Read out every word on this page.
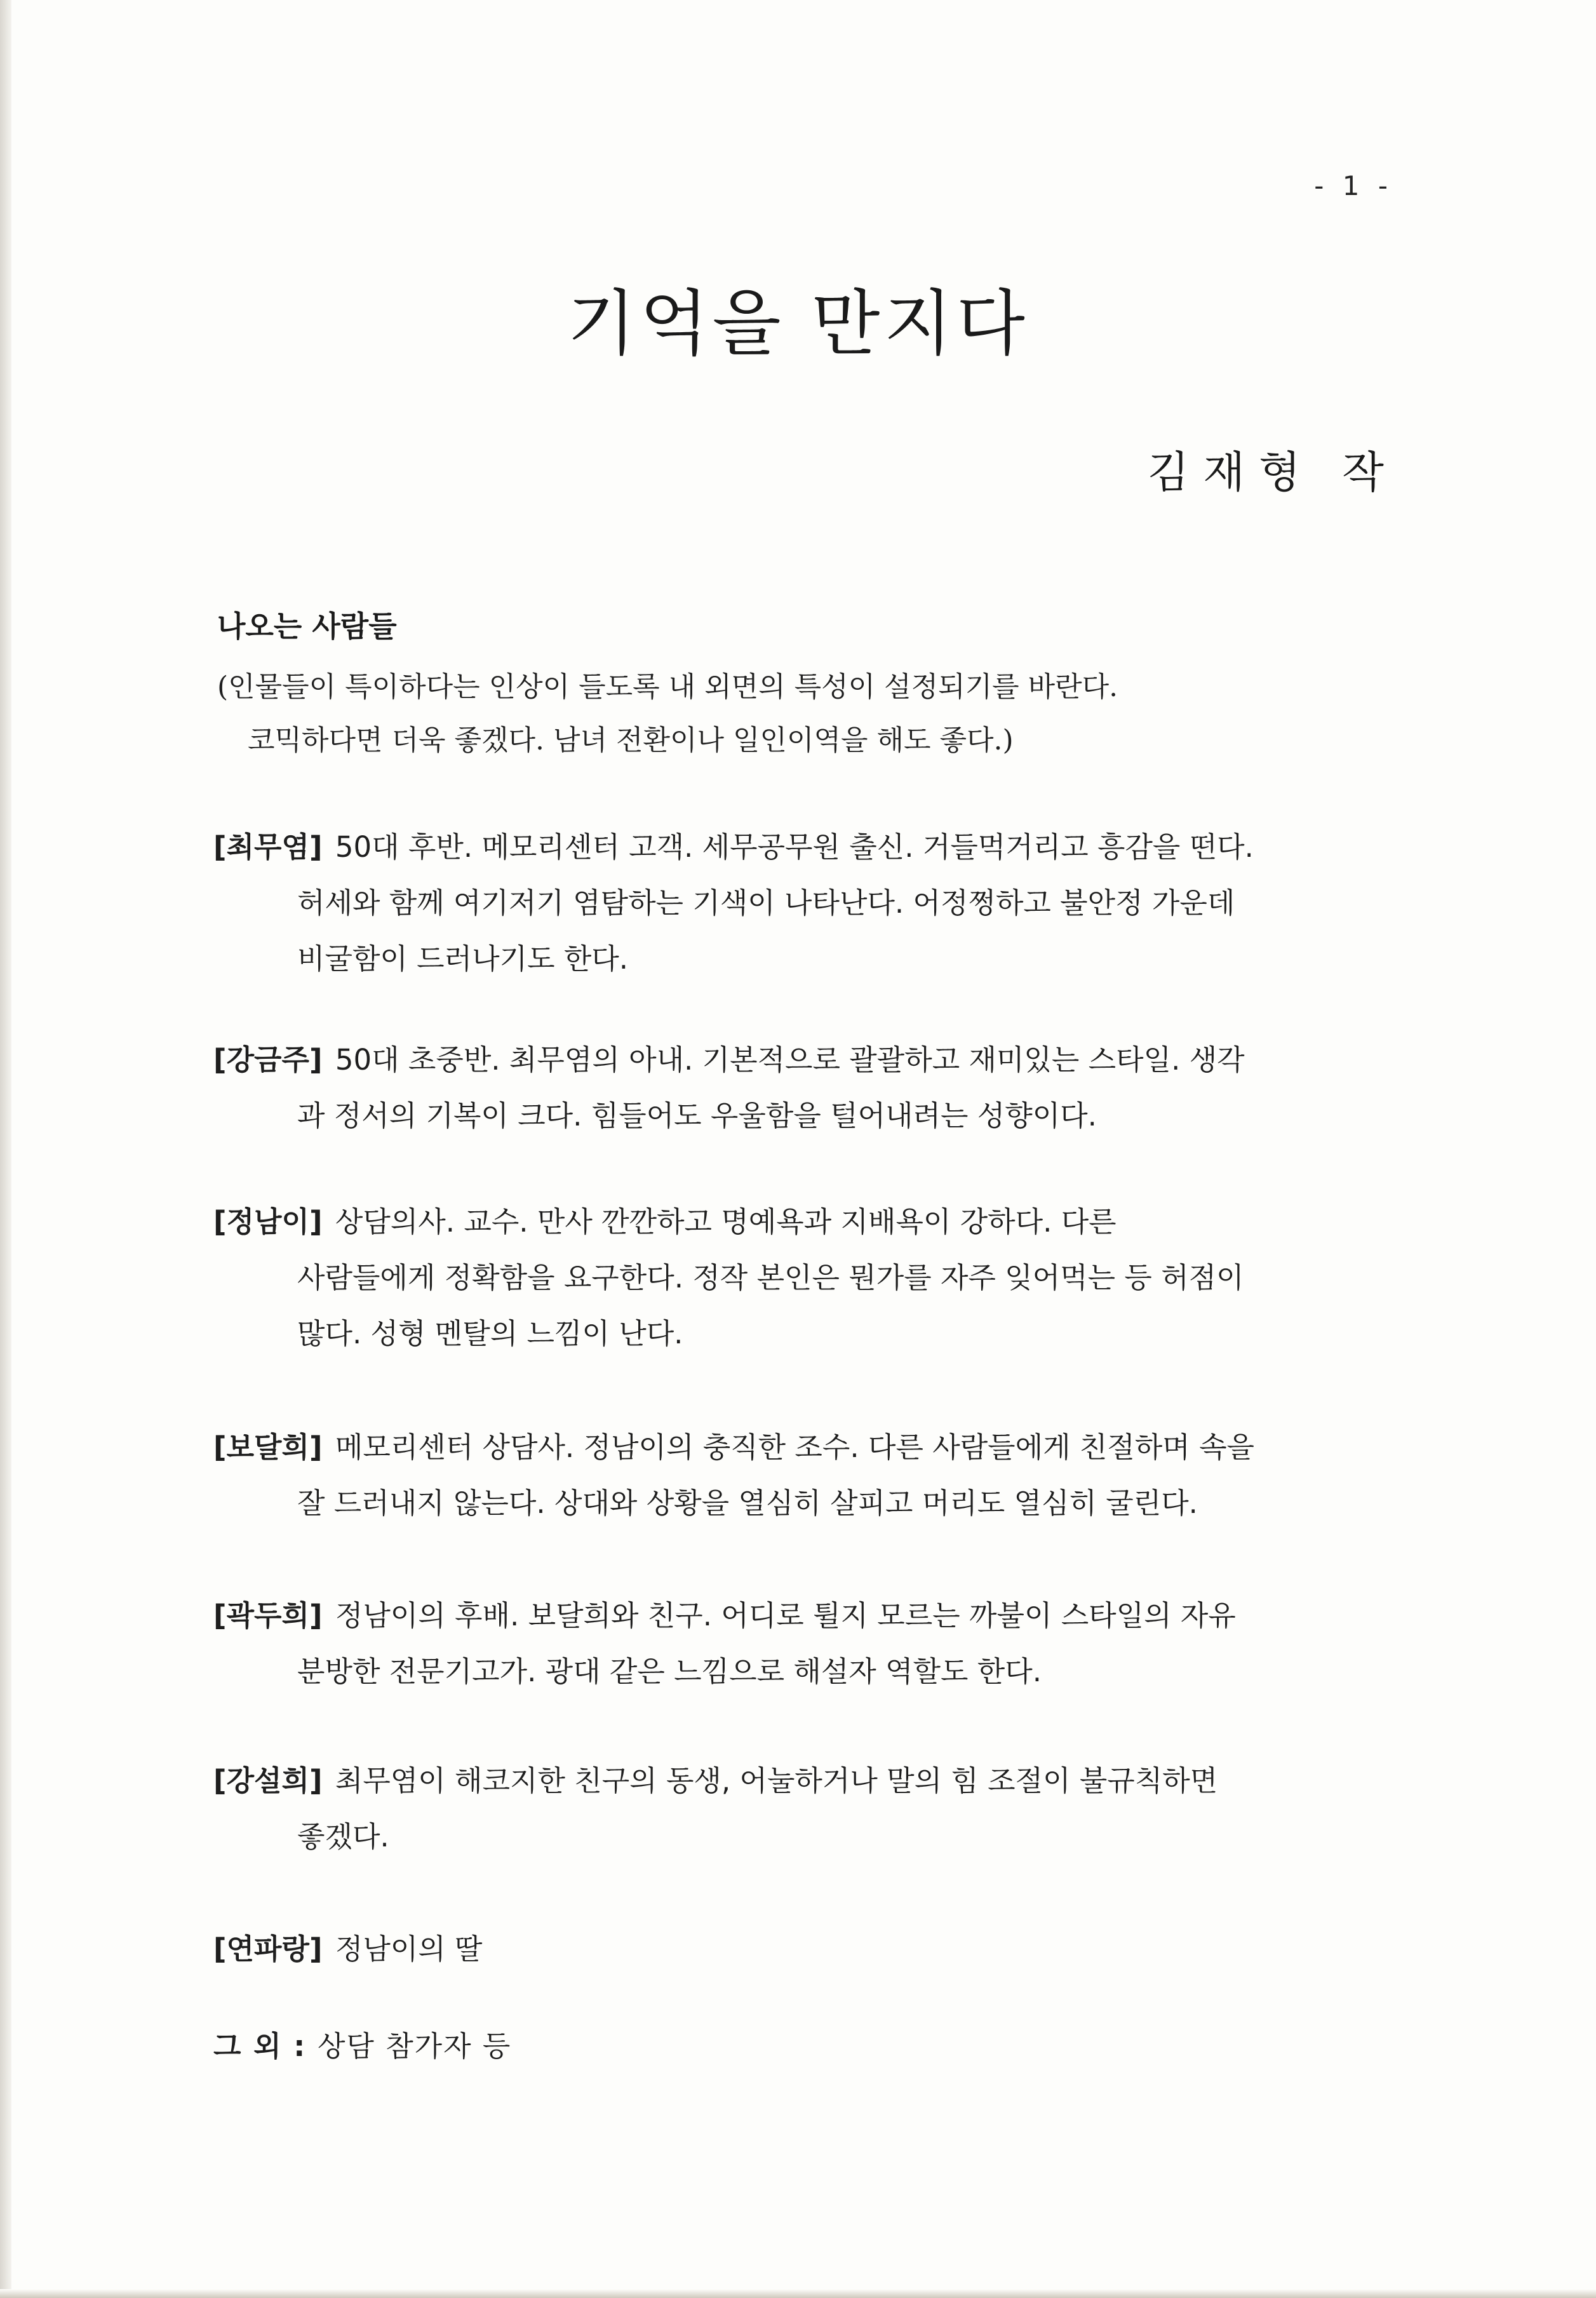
- 1 -
기억을 만지다
김재형 작
나오는 사람들
(인물들이 특이하다는 인상이 들도록 내 외면의 특성이 설정되기를 바란다.
코믹하다면 더욱 좋겠다. 남녀 전환이나 일인이역을 해도 좋다.)
[최무염] 50대 후반. 메모리센터 고객. 세무공무원 출신. 거들먹거리고 흥감을 떤다.
허세와 함께 여기저기 염탐하는 기색이 나타난다. 어정쩡하고 불안정 가운데
비굴함이 드러나기도 한다.
[강금주] 50대 초중반. 최무염의 아내. 기본적으로 괄괄하고 재미있는 스타일. 생각
과 정서의 기복이 크다. 힘들어도 우울함을 털어내려는 성향이다.
[정남이] 상담의사. 교수. 만사 깐깐하고 명예욕과 지배욕이 강하다. 다른
사람들에게 정확함을 요구한다. 정작 본인은 뭔가를 자주 잊어먹는 등 허점이
많다. 성형 멘탈의 느낌이 난다.
[보달희] 메모리센터 상담사. 정남이의 충직한 조수. 다른 사람들에게 친절하며 속을
잘 드러내지 않는다. 상대와 상황을 열심히 살피고 머리도 열심히 굴린다.
[곽두희] 정남이의 후배. 보달희와 친구. 어디로 튈지 모르는 까불이 스타일의 자유
분방한 전문기고가. 광대 같은 느낌으로 해설자 역할도 한다.
[강설희] 최무염이 해코지한 친구의 동생, 어눌하거나 말의 힘 조절이 불규칙하면
좋겠다.
[연파랑] 정남이의 딸
그 외 : 상담 참가자 등
